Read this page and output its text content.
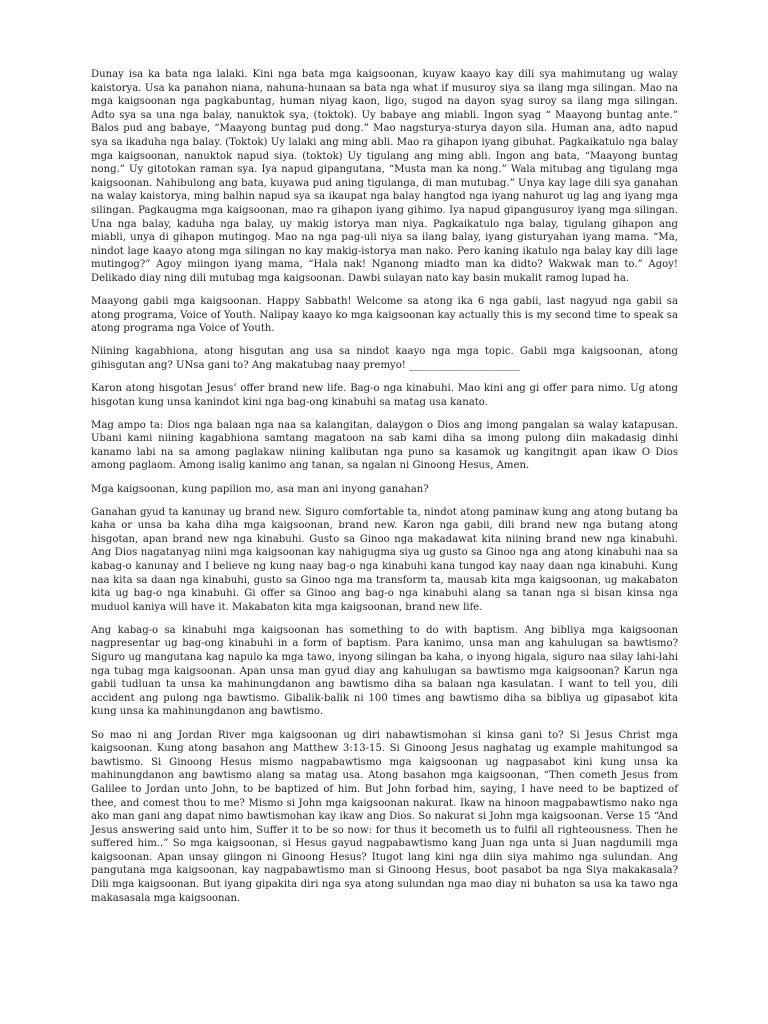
Dunay isa ka bata nga lalaki. Kini nga bata mga kaigsoonan, kuyaw kaayo kay dili sya mahimutang ug walay kaistorya. Usa ka panahon niana, nahuna-hunaan sa bata nga what if musuroy siya sa ilang mga silingan. Mao na mga kaigsoonan nga pagkabuntag, human niyag kaon, ligo, sugod na dayon syag suroy sa ilang mga silingan. Adto sya sa una nga balay, nanuktok sya, (toktok). Uy babaye ang miabli. Ingon syag “ Maayong buntag ante.” Balos pud ang babaye, “Maayong buntag pud dong.” Mao nagsturya-sturya dayon sila. Human ana, adto napud sya sa ikaduha nga balay. (Toktok) Uy lalaki ang ming abli. Mao ra gihapon iyang gibuhat. Pagkaikatulo nga balay mga kaigsoonan, nanuktok napud siya. (toktok) Uy tigulang ang ming abli. Ingon ang bata, “Maayong buntag nong.” Uy gitotokan raman sya. Iya napud gipangutana, “Musta man ka nong.” Wala mitubag ang tigulang mga kaigsoonan. Nahibulong ang bata, kuyawa pud aning tigulanga, di man mutubag.” Unya kay lage dili sya ganahan na walay kaistorya, ming balhin napud sya sa ikaupat nga balay hangtod nga iyang nahurot ug lag ang iyang mga silingan. Pagkaugma mga kaigsoonan, mao ra gihapon iyang gihimo. Iya napud gipangusuroy iyang mga silingan. Una nga balay, kaduha nga balay, uy makig istorya man niya. Pagkaikatulo nga balay, tigulang gihapon ang miabli, unya di gihapon mutingog. Mao na nga pag-uli niya sa ilang balay, iyang gisturyahan iyang mama. “Ma, nindot lage kaayo atong mga silingan no kay makig-istorya man nako. Pero kaning ikatulo nga balay kay dili lage mutingog?” Agoy miingon iyang mama, “Hala nak! Nganong miadto man ka didto? Wakwak man to.” Agoy! Delikado diay ning dili mutubag mga kaigsoonan. Dawbi sulayan nato kay basin mukalit ramog lupad ha.

Maayong gabii mga kaigsoonan. Happy Sabbath! Welcome sa atong ika 6 nga gabii, last nagyud nga gabii sa atong programa, Voice of Youth. Nalipay kaayo ko mga kaigsoonan kay actually this is my second time to speak sa atong programa nga Voice of Youth.

Niining kagabhiona, atong hisgutan ang usa sa nindot kaayo nga mga topic. Gabii mga kaigsoonan, atong gihisgutan ang? UNsa gani to? Ang makatubag naay premyo! ______________________

Karon atong hisgotan Jesus’ offer brand new life. Bag-o nga kinabuhi. Mao kini ang gi offer para nimo. Ug atong hisgotan kung unsa kanindot kini nga bag-ong kinabuhi sa matag usa kanato.

Mag ampo ta: Dios nga balaan nga naa sa kalangitan, dalaygon o Dios ang imong pangalan sa walay katapusan. Ubani kami niining kagabhiona samtang magatoon na sab kami diha sa imong pulong diin makadasig dinhi kanamo labi na sa among paglakaw niining kalibutan nga puno sa kasamok ug kangitngit apan ikaw O Dios among paglaom. Among isalig kanimo ang tanan, sa ngalan ni Ginoong Hesus, Amen.

Mga kaigsoonan, kung papilion mo, asa man ani inyong ganahan?

Ganahan gyud ta kanunay ug brand new. Siguro comfortable ta, nindot atong paminaw kung ang atong butang ba kaha or unsa ba kaha diha mga kaigsoonan, brand new. Karon nga gabii, dili brand new nga butang atong hisgotan, apan brand new nga kinabuhi. Gusto sa Ginoo nga makadawat kita niining brand new nga kinabuhi. Ang Dios nagatanyag niini mga kaigsoonan kay nahigugma siya ug gusto sa Ginoo nga ang atong kinabuhi naa sa kabag-o kanunay and I believe ng kung naay bag-o nga kinabuhi kana tungod kay naay daan nga kinabuhi. Kung naa kita sa daan nga kinabuhi, gusto sa Ginoo nga ma transform ta, mausab kita mga kaigsoonan, ug makabaton kita ug bag-o nga kinabuhi. Gi offer sa Ginoo ang bag-o nga kinabuhi alang sa tanan nga si bisan kinsa nga muduol kaniya will have it. Makabaton kita mga kaigsoonan, brand new life.

Ang kabag-o sa kinabuhi mga kaigsoonan has something to do with baptism. Ang bibliya mga kaigsoonan nagpresentar ug bag-ong kinabuhi in a form of baptism. Para kanimo, unsa man ang kahulugan sa bawtismo? Siguro ug mangutana kag napulo ka mga tawo, inyong silingan ba kaha, o inyong higala, siguro naa silay lahi-lahi nga tubag mga kaigsoonan. Apan unsa man gyud diay ang kahulugan sa bawtismo mga kaigsoonan? Karun nga gabii tudluan ta unsa ka mahinungdanon ang bawtismo diha sa balaan nga kasulatan. I want to tell you, dili accident ang pulong nga bawtismo. Gibalik-balik ni 100 times ang bawtismo diha sa bibliya ug gipasabot kita kung unsa ka mahinungdanon ang bawtismo.

So mao ni ang Jordan River mga kaigsoonan ug diri nabawtismohan si kinsa gani to? Si Jesus Christ mga kaigsoonan. Kung atong basahon ang Matthew 3:13-15. Si Ginoong Jesus naghatag ug example mahitungod sa bawtismo. Si Ginoong Hesus mismo nagpabawtismo mga kaigsoonan ug nagpasabot kini kung unsa ka mahinungdanon ang bawtismo alang sa matag usa. Atong basahon mga kaigsoonan, “Then cometh Jesus from Galilee to Jordan unto John, to be baptized of him. But John forbad him, saying, I have need to be baptized of thee, and comest thou to me? Mismo si John mga kaigsoonan nakurat. Ikaw na hinoon magpabawtismo nako nga ako man gani ang dapat nimo bawtismohan kay ikaw ang Dios. So nakurat si John mga kaigsoonan. Verse 15 “And Jesus answering said unto him, Suffer it to be so now: for thus it becometh us to fulfil all righteousness. Then he suffered him..” So mga kaigsoonan, si Hesus gayud nagpabawtismo kang Juan nga unta si Juan nagdumili mga kaigsoonan. Apan unsay giingon ni Ginoong Hesus? Itugot lang kini nga diin siya mahimo nga sulundan. Ang pangutana mga kaigsoonan, kay nagpabawtismo man si Ginoong Hesus, boot pasabot ba nga Siya makakasala? Dili mga kaigsoonan. But iyang gipakita diri nga sya atong sulundan nga mao diay ni buhaton sa usa ka tawo nga makasasala mga kaigsoonan.
